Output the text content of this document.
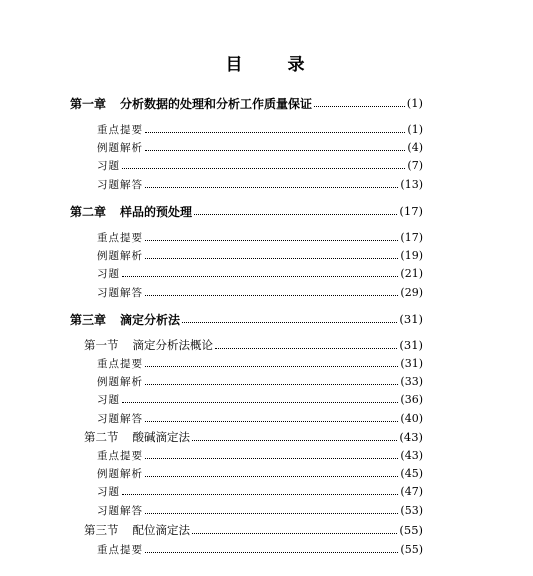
目 录
第一章 分析数据的处理和分析工作质量保证	(1)
重点提要	(1)
例题解析	(4)
习题	(7)
习题解答	(13)
第二章 样品的预处理	(17)
重点提要	(17)
例题解析	(19)
习题	(21)
习题解答	(29)
第三章 滴定分析法	(31)
第一节 滴定分析法概论	(31)
重点提要	(31)
例题解析	(33)
习题	(36)
习题解答	(40)
第二节 酸碱滴定法	(43)
重点提要	(43)
例题解析	(45)
习题	(47)
习题解答	(53)
第三节 配位滴定法	(55)
重点提要	(55)
